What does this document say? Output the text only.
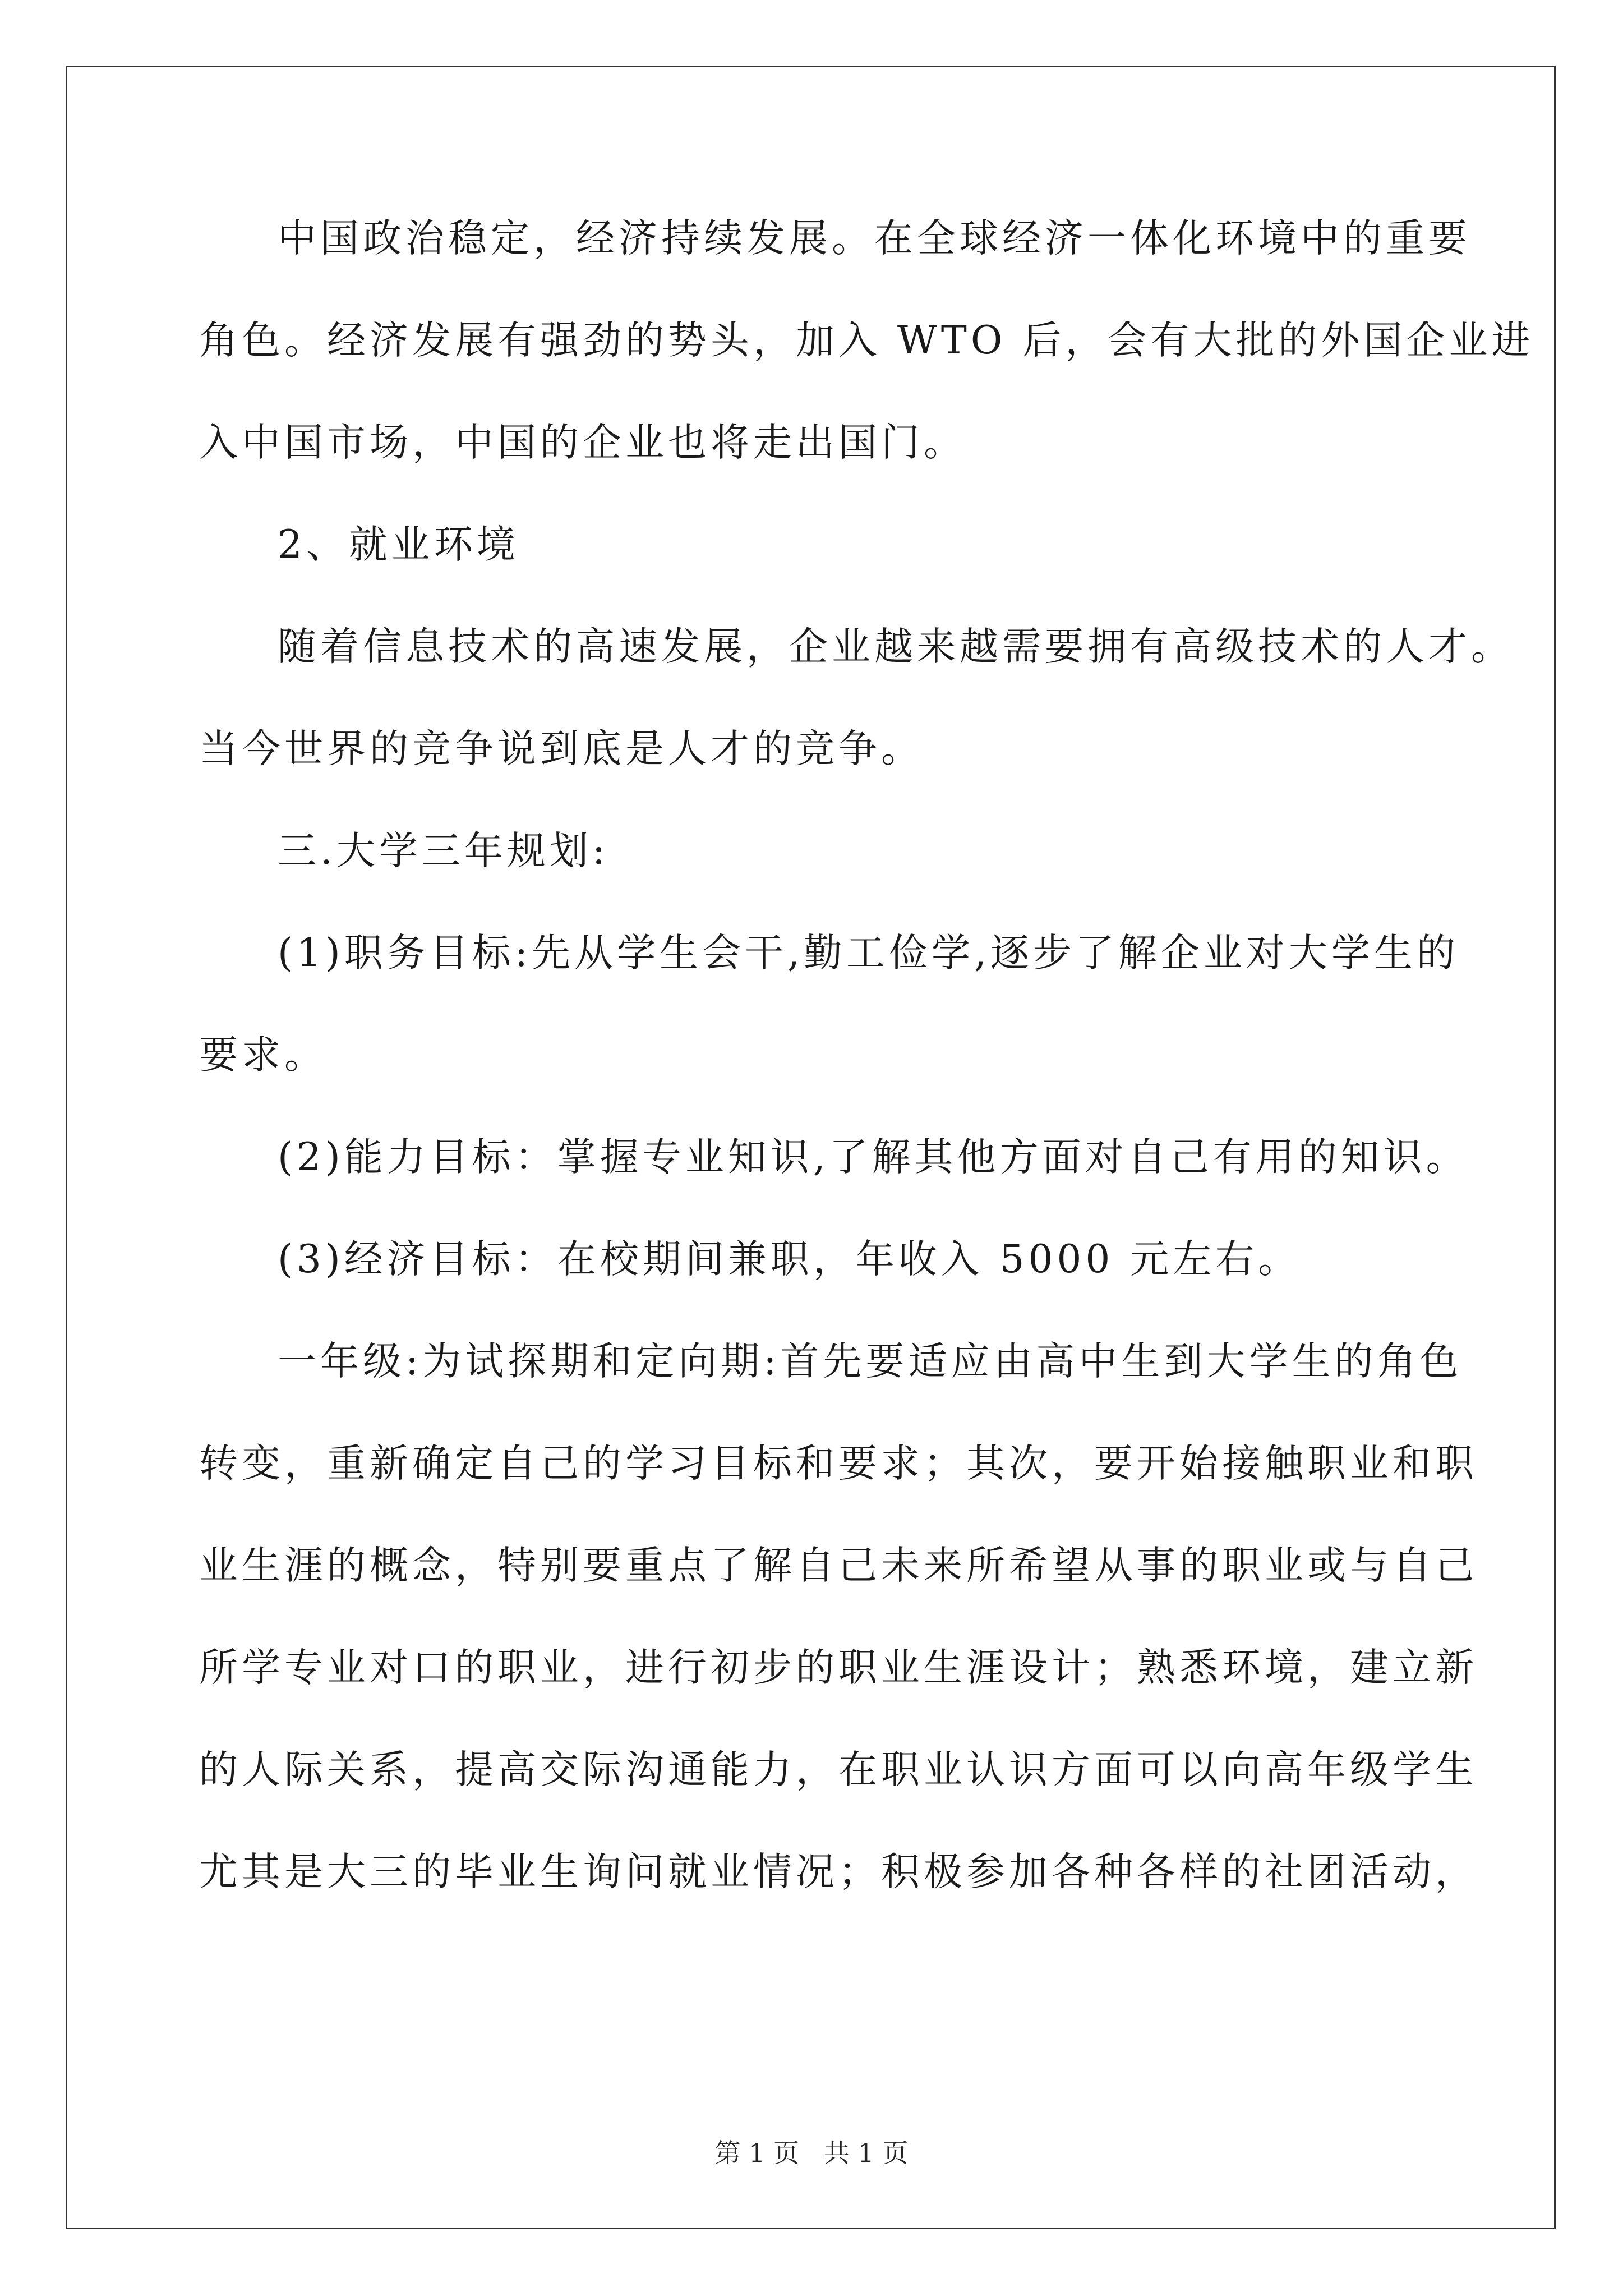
中国政治稳定，经济持续发展。在全球经济一体化环境中的重要
角色。经济发展有强劲的势头，加入 WTO 后，会有大批的外国企业进
入中国市场，中国的企业也将走出国门。
2、就业环境
随着信息技术的高速发展，企业越来越需要拥有高级技术的人才。
当今世界的竞争说到底是人才的竞争。
三.大学三年规划:
(1)职务目标:先从学生会干,勤工俭学,逐步了解企业对大学生的
要求。
(2)能力目标：掌握专业知识,了解其他方面对自己有用的知识。
(3)经济目标：在校期间兼职，年收入 5000 元左右。
一年级:为试探期和定向期:首先要适应由高中生到大学生的角色
转变，重新确定自己的学习目标和要求；其次，要开始接触职业和职
业生涯的概念，特别要重点了解自己未来所希望从事的职业或与自己
所学专业对口的职业，进行初步的职业生涯设计；熟悉环境，建立新
的人际关系，提高交际沟通能力，在职业认识方面可以向高年级学生
尤其是大三的毕业生询问就业情况；积极参加各种各样的社团活动，
第 1 页   共 1 页
